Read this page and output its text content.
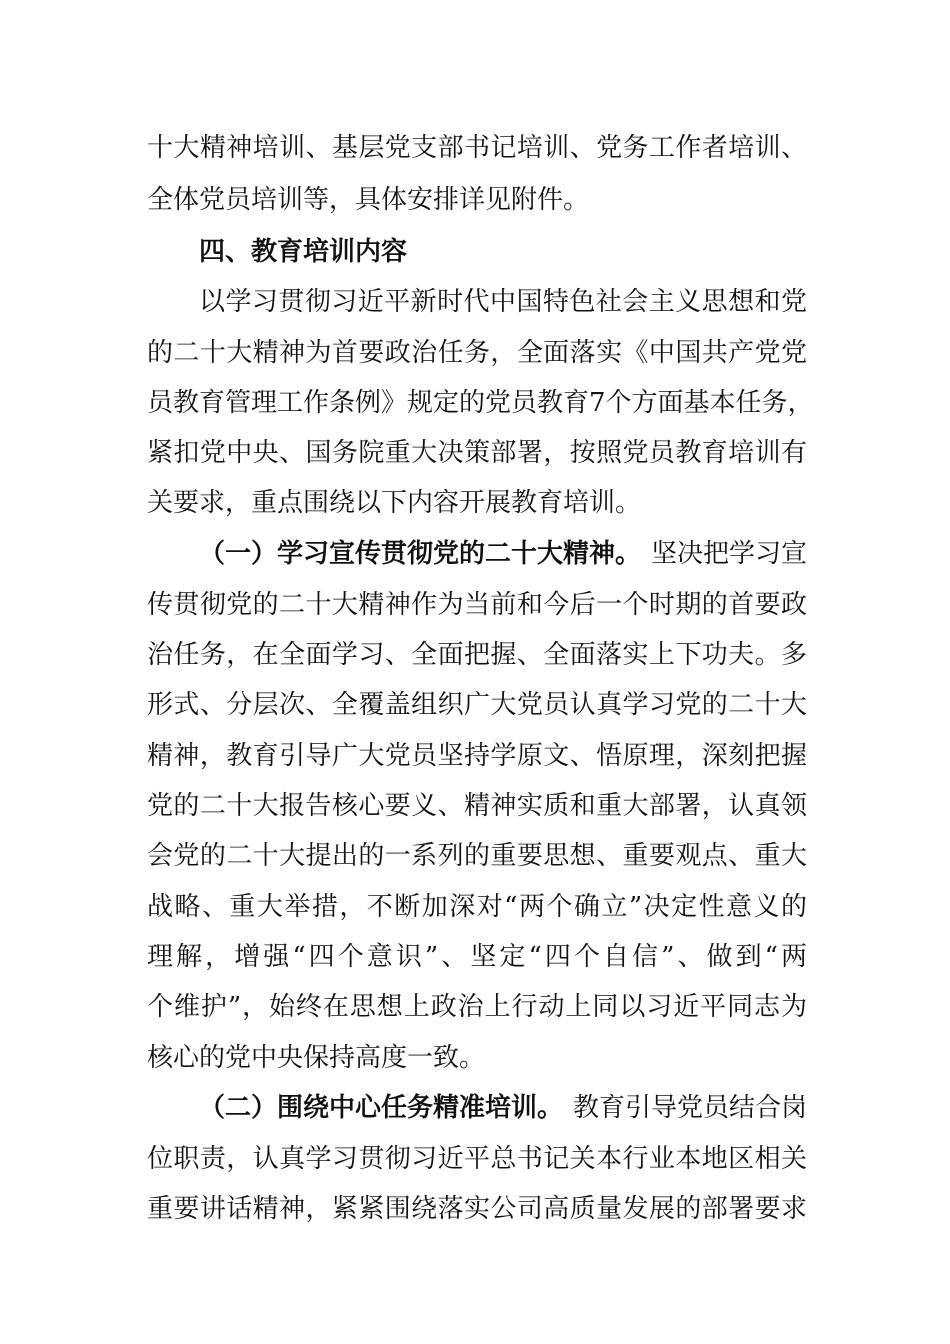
十大精神培训、基层党支部书记培训、党务工作者培训、
全体党员培训等，具体安排详见附件。
四、教育培训内容
以学习贯彻习近平新时代中国特色社会主义思想和党
的二十大精神为首要政治任务，全面落实《中国共产党党
员教育管理工作条例》规定的党员教育7个方面基本任务，
紧扣党中央、国务院重大决策部署，按照党员教育培训有
关要求，重点围绕以下内容开展教育培训。
（一）学习宣传贯彻党的二十大精神。 坚决把学习宣
传贯彻党的二十大精神作为当前和今后一个时期的首要政
治任务，在全面学习、全面把握、全面落实上下功夫。多
形式、分层次、全覆盖组织广大党员认真学习党的二十大
精神，教育引导广大党员坚持学原文、悟原理，深刻把握
党的二十大报告核心要义、精神实质和重大部署，认真领
会党的二十大提出的一系列的重要思想、重要观点、重大
战略、重大举措，不断加深对“两个确立”决定性意义的
理解，增强“四个意识”、坚定“四个自信”、做到“两
个维护”，始终在思想上政治上行动上同以习近平同志为
核心的党中央保持高度一致。
（二）围绕中心任务精准培训。 教育引导党员结合岗
位职责，认真学习贯彻习近平总书记关本行业本地区相关
重要讲话精神，紧紧围绕落实公司高质量发展的部署要求
